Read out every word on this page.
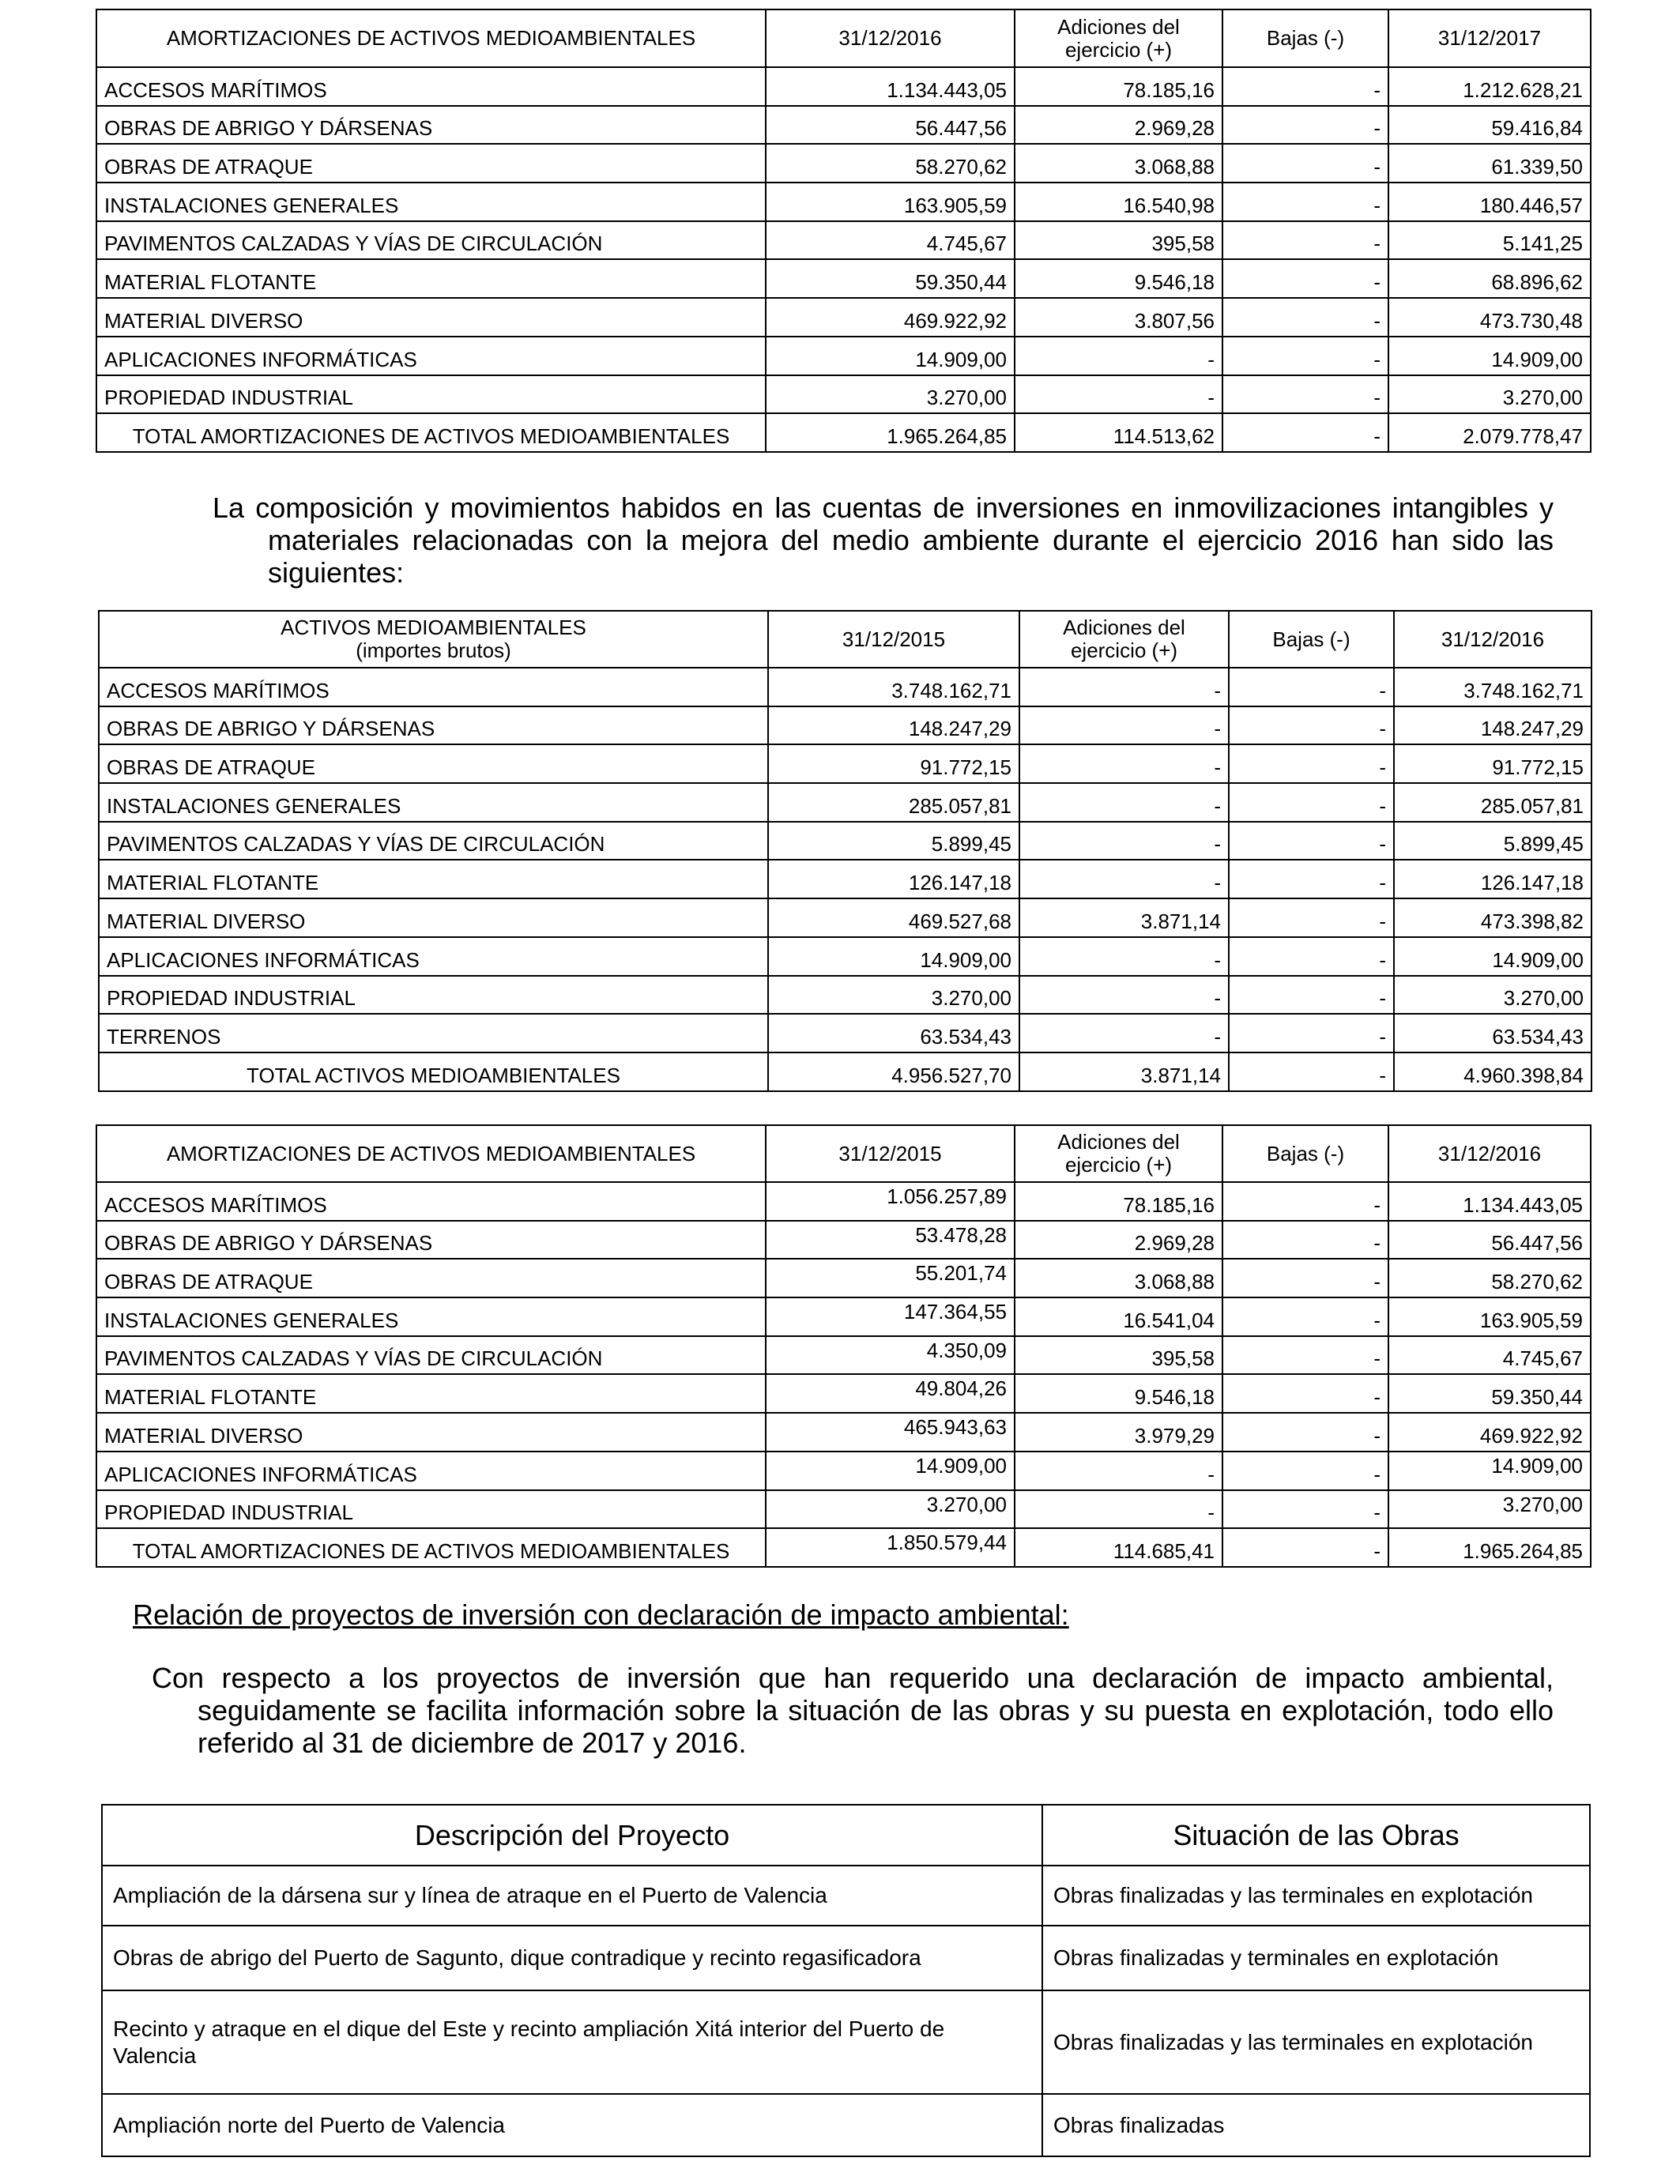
AMORTIZACIONES DE ACTIVOS MEDIOAMBIENTALES	31/12/2016	Adiciones del
ejercicio (+)	Bajas (-)	31/12/2017
ACCESOS MARÍTIMOS	1.134.443,05	78.185,16	-	1.212.628,21
OBRAS DE ABRIGO Y DÁRSENAS	56.447,56	2.969,28	-	59.416,84
OBRAS DE ATRAQUE	58.270,62	3.068,88	-	61.339,50
INSTALACIONES GENERALES	163.905,59	16.540,98	-	180.446,57
PAVIMENTOS CALZADAS Y VÍAS DE CIRCULACIÓN	4.745,67	395,58	-	5.141,25
MATERIAL FLOTANTE	59.350,44	9.546,18	-	68.896,62
MATERIAL DIVERSO	469.922,92	3.807,56	-	473.730,48
APLICACIONES INFORMÁTICAS	14.909,00	-	-	14.909,00
PROPIEDAD INDUSTRIAL	3.270,00	-	-	3.270,00
TOTAL AMORTIZACIONES DE ACTIVOS MEDIOAMBIENTALES	1.965.264,85	114.513,62	-	2.079.778,47
La composición y movimientos habidos en las cuentas de inversiones en inmovilizaciones intangibles y materiales relacionadas con la mejora del medio ambiente durante el ejercicio 2016 han sido las siguientes:
ACTIVOS MEDIOAMBIENTALES
(importes brutos)	31/12/2015	Adiciones del
ejercicio (+)	Bajas (-)	31/12/2016
ACCESOS MARÍTIMOS	3.748.162,71	-	-	3.748.162,71
OBRAS DE ABRIGO Y DÁRSENAS	148.247,29	-	-	148.247,29
OBRAS DE ATRAQUE	91.772,15	-	-	91.772,15
INSTALACIONES GENERALES	285.057,81	-	-	285.057,81
PAVIMENTOS CALZADAS Y VÍAS DE CIRCULACIÓN	5.899,45	-	-	5.899,45
MATERIAL FLOTANTE	126.147,18	-	-	126.147,18
MATERIAL DIVERSO	469.527,68	3.871,14	-	473.398,82
APLICACIONES INFORMÁTICAS	14.909,00	-	-	14.909,00
PROPIEDAD INDUSTRIAL	3.270,00	-	-	3.270,00
TERRENOS	63.534,43	-	-	63.534,43
TOTAL ACTIVOS MEDIOAMBIENTALES	4.956.527,70	3.871,14	-	4.960.398,84
AMORTIZACIONES DE ACTIVOS MEDIOAMBIENTALES	31/12/2015	Adiciones del
ejercicio (+)	Bajas (-)	31/12/2016
ACCESOS MARÍTIMOS	1.056.257,89	78.185,16	-	1.134.443,05
OBRAS DE ABRIGO Y DÁRSENAS	53.478,28	2.969,28	-	56.447,56
OBRAS DE ATRAQUE	55.201,74	3.068,88	-	58.270,62
INSTALACIONES GENERALES	147.364,55	16.541,04	-	163.905,59
PAVIMENTOS CALZADAS Y VÍAS DE CIRCULACIÓN	4.350,09	395,58	-	4.745,67
MATERIAL FLOTANTE	49.804,26	9.546,18	-	59.350,44
MATERIAL DIVERSO	465.943,63	3.979,29	-	469.922,92
APLICACIONES INFORMÁTICAS	14.909,00	-	-	14.909,00
PROPIEDAD INDUSTRIAL	3.270,00	-	-	3.270,00
TOTAL AMORTIZACIONES DE ACTIVOS MEDIOAMBIENTALES	1.850.579,44	114.685,41	-	1.965.264,85
Relación de proyectos de inversión con declaración de impacto ambiental:
Con respecto a los proyectos de inversión que han requerido una declaración de impacto ambiental, seguidamente se facilita información sobre la situación de las obras y su puesta en explotación, todo ello referido al 31 de diciembre de 2017 y 2016.
Descripción del Proyecto	Situación de las Obras
Ampliación de la dársena sur y línea de atraque en el Puerto de Valencia	Obras finalizadas y las terminales en explotación
Obras de abrigo del Puerto de Sagunto, dique contradique y recinto regasificadora	Obras finalizadas y terminales en explotación
Recinto y atraque en el dique del Este y recinto ampliación Xitá interior del Puerto de Valencia	Obras finalizadas y las terminales en explotación
Ampliación norte del Puerto de Valencia	Obras finalizadas
